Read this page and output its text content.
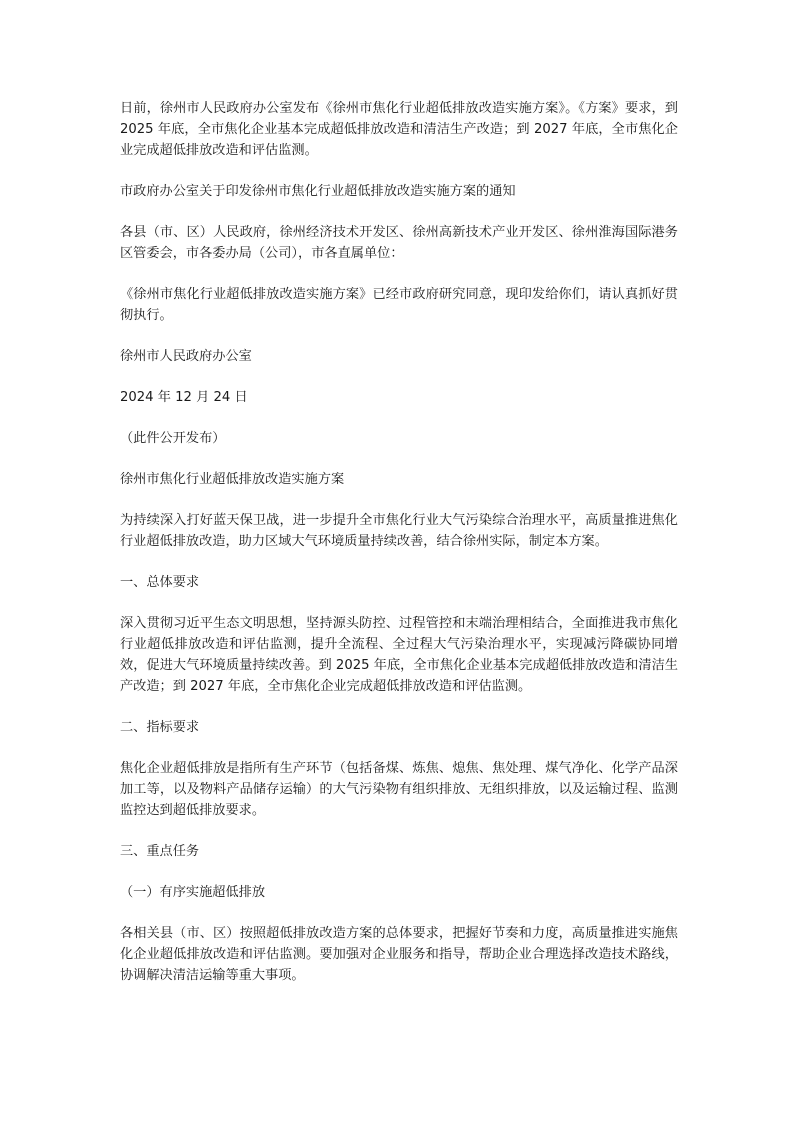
日前，徐州市人民政府办公室发布《徐州市焦化行业超低排放改造实施方案》。《方案》要求，到 2025 年底，全市焦化企业基本完成超低排放改造和清洁生产改造；到 2027 年底，全市焦化企业完成超低排放改造和评估监测。

市政府办公室关于印发徐州市焦化行业超低排放改造实施方案的通知

各县（市、区）人民政府，徐州经济技术开发区、徐州高新技术产业开发区、徐州淮海国际港务区管委会，市各委办局（公司），市各直属单位：

《徐州市焦化行业超低排放改造实施方案》已经市政府研究同意，现印发给你们，请认真抓好贯彻执行。

徐州市人民政府办公室

2024 年 12 月 24 日

（此件公开发布）

徐州市焦化行业超低排放改造实施方案

为持续深入打好蓝天保卫战，进一步提升全市焦化行业大气污染综合治理水平，高质量推进焦化行业超低排放改造，助力区域大气环境质量持续改善，结合徐州实际，制定本方案。

一、总体要求

深入贯彻习近平生态文明思想，坚持源头防控、过程管控和末端治理相结合，全面推进我市焦化行业超低排放改造和评估监测，提升全流程、全过程大气污染治理水平，实现减污降碳协同增效，促进大气环境质量持续改善。到 2025 年底，全市焦化企业基本完成超低排放改造和清洁生产改造；到 2027 年底，全市焦化企业完成超低排放改造和评估监测。

二、指标要求

焦化企业超低排放是指所有生产环节（包括备煤、炼焦、熄焦、焦处理、煤气净化、化学产品深加工等，以及物料产品储存运输）的大气污染物有组织排放、无组织排放，以及运输过程、监测监控达到超低排放要求。

三、重点任务

（一）有序实施超低排放

各相关县（市、区）按照超低排放改造方案的总体要求，把握好节奏和力度，高质量推进实施焦化企业超低排放改造和评估监测。要加强对企业服务和指导，帮助企业合理选择改造技术路线，协调解决清洁运输等重大事项。
